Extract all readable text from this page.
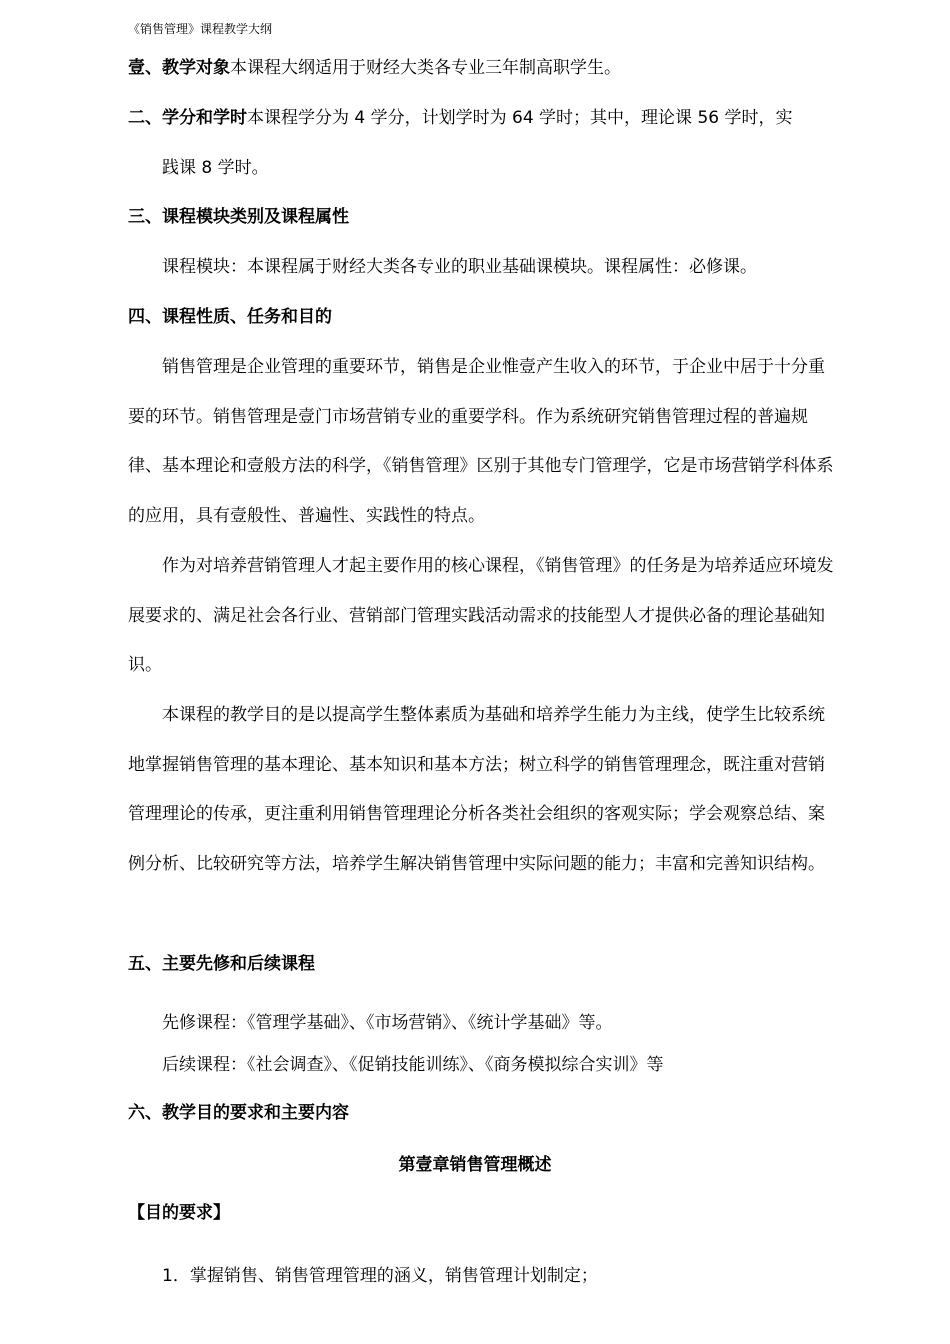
《销售管理》课程教学大纲
壹、教学对象本课程大纲适用于财经大类各专业三年制高职学生。
二、学分和学时本课程学分为 4 学分，计划学时为 64 学时；其中，理论课 56 学时，实
践课 8 学时。
三、课程模块类别及课程属性
课程模块：本课程属于财经大类各专业的职业基础课模块。课程属性：必修课。
四、课程性质、任务和目的
销售管理是企业管理的重要环节，销售是企业惟壹产生收入的环节，于企业中居于十分重要的环节。销售管理是壹门市场营销专业的重要学科。作为系统研究销售管理过程的普遍规律、基本理论和壹般方法的科学，《销售管理》区别于其他专门管理学，它是市场营销学科体系的应用，具有壹般性、普遍性、实践性的特点。
作为对培养营销管理人才起主要作用的核心课程，《销售管理》的任务是为培养适应环境发展要求的、满足社会各行业、营销部门管理实践活动需求的技能型人才提供必备的理论基础知识。
本课程的教学目的是以提高学生整体素质为基础和培养学生能力为主线，使学生比较系统地掌握销售管理的基本理论、基本知识和基本方法；树立科学的销售管理理念，既注重对营销管理理论的传承，更注重利用销售管理理论分析各类社会组织的客观实际；学会观察总结、案例分析、比较研究等方法，培养学生解决销售管理中实际问题的能力；丰富和完善知识结构。
五、主要先修和后续课程
先修课程：《管理学基础》、《市场营销》、《统计学基础》等。
后续课程：《社会调查》、《促销技能训练》、《商务模拟综合实训》等
六、教学目的要求和主要内容
第壹章销售管理概述
【目的要求】
1．掌握销售、销售管理管理的涵义，销售管理计划制定；
